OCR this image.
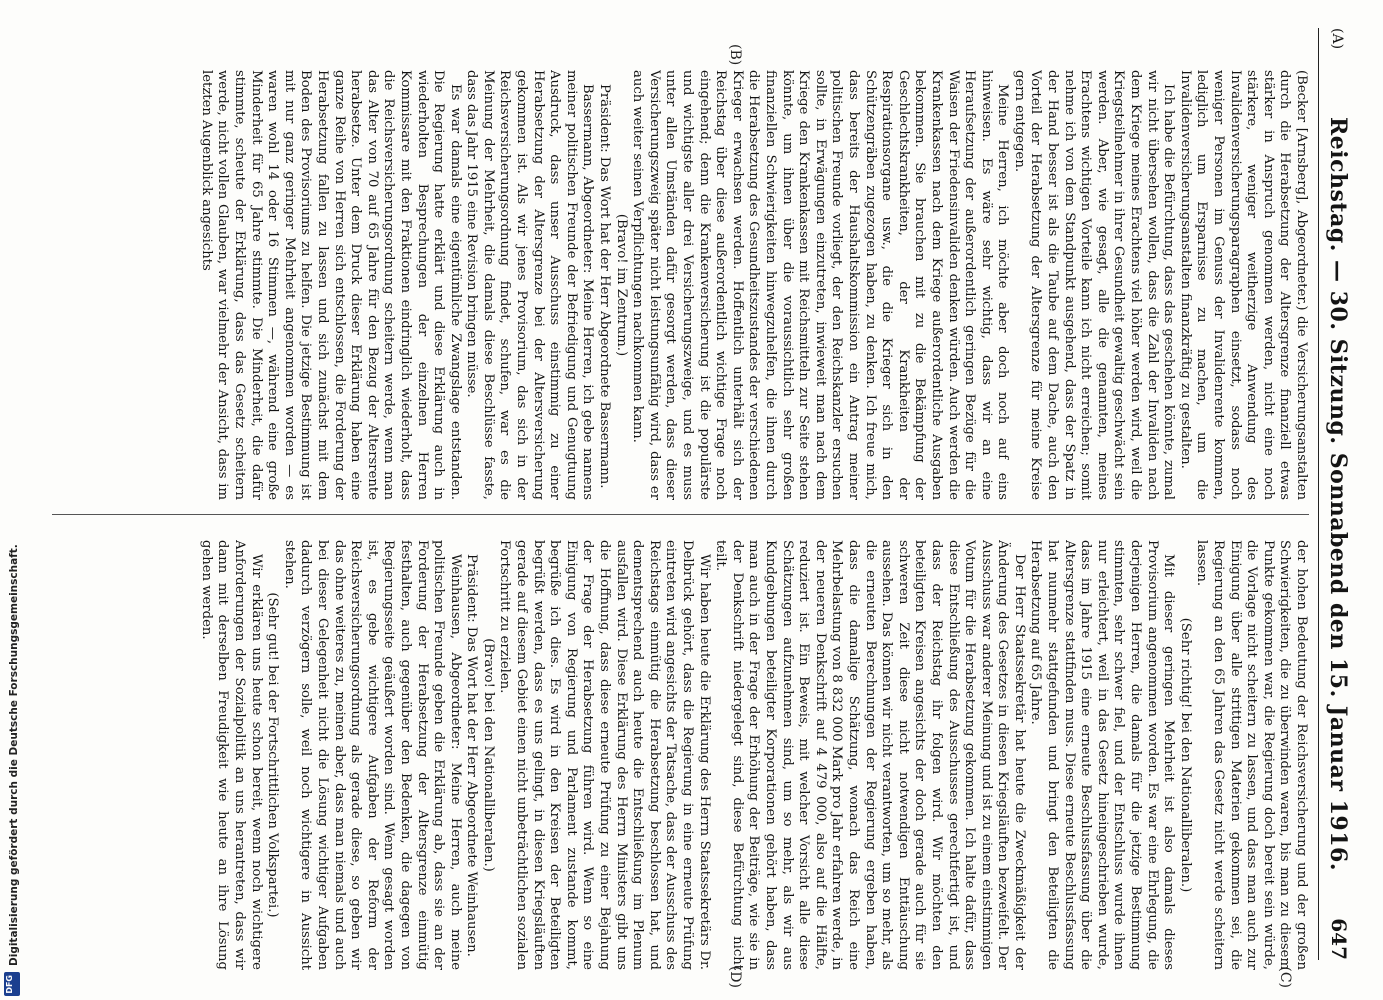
(A)
Reichstag. — 30. Sitzung. Sonnabend den 15. Januar 1916.
647

(Becker [Arnsberg], Abgeordneter.) die Versicherungsanstalten durch die Herabsetzung der Altersgrenze finanziell etwas stärker in Anspruch genommen werden, nicht eine noch stärkere, weniger weitherzige Anwendung des Invalidenversicherungsparagraphen einsetzt, sodass noch weniger Personen im Genuss der Invalidenrente kommen, lediglich um Ersparnisse zu machen, um die Invalidenversicherungsanstalten finanzkräftig zu gestalten.

Ich habe die Befürchtung, dass das geschehen könnte, zumal wir nicht übersehen wollen, dass die Zahl der Invaliden nach dem Kriege meines Erachtens viel höher werden wird, weil die Kriegsteilnehmer in ihrer Gesundheit gewaltig geschwächt sein werden. Aber, wie gesagt, alle die genannten, meines Erachtens wichtigen Vorteile kann ich nicht erreichen; somit nehme ich von dem Standpunkt ausgehend, dass der Spatz in der Hand besser ist als die Taube auf dem Dache, auch den Vorteil der Herabsetzung der Altersgrenze für meine Kreise gern entgegen.

Meine Herren, ich möchte aber doch noch auf eins hinweisen. Es wäre sehr wichtig, dass wir an eine Heraufsetzung der außerordentlich geringen Bezüge für die Waisen der Friedensinvaliden denken würden. Auch werden die Krankenkassen nach dem Kriege außerordentliche Ausgaben bekommen. Sie brauchen mit zu die Bekämpfung der Geschlechtskrankheiten, der Krankheiten der Respirationsorgane usw., die die Krieger sich in den Schützengräben zugezogen haben, zu denken. Ich freue mich, dass bereits der Haushaltskommission ein Antrag meiner politischen Freunde vorliegt, der den Reichskanzler ersuchen sollte, in Erwägungen einzutreten, inwieweit man nach dem Kriege den Krankenkassen mit Reichsmitteln zur Seite stehen könnte, um ihnen über die voraussichtlich sehr großen finanziellen Schwierigkeiten hinwegzuhelfen, die ihnen durch die Herabsetzung des Gesundheitszustandes der verschiedenen Krieger erwachsen werden. Hoffentlich unterhält sich der Reichstag über diese außerordentlich wichtige Frage noch eingehend; denn die Krankenversicherung ist die populärste und wichtigste aller drei Versicherungszweige, und es muss unter allen Umständen dafür gesorgt werden, dass dieser Versicherungszweig später nicht leistungsunfähig wird, dass er auch weiter seinen Verpflichtungen nachkommen kann.

(Bravo! im Zentrum.)

Präsident: Das Wort hat der Herr Abgeordnete Bassermann.

Bassermann, Abgeordneter: Meine Herren, ich gebe namens meiner politischen Freunde der Befriedigung und Genugtuung Ausdruck, dass unser Ausschuss einstimmig zu einer Herabsetzung der Altersgrenze bei der Altersversicherung gekommen ist. Als wir jenes Provisorium, das sich in der Reichsversicherungsordnung findet, schufen, war es die Meinung der Mehrheit, die damals diese Beschlüsse fasste, dass das Jahr 1915 eine Revision bringen müsse.

Es war damals eine eigentümliche Zwangslage entstanden. Die Regierung hatte erklärt und diese Erklärung auch in wiederholten Besprechungen der einzelnen Herren Kommissare mit den Fraktionen eindringlich wiederholt, dass die Reichsversicherungsordnung scheitern werde, wenn man das Alter von 70 auf 65 Jahre für den Bezug der Altersrente herabsetze. Unter dem Druck dieser Erklärung haben eine ganze Reihe von Herren sich entschlossen, die Forderung der Herabsetzung fallen zu lassen und sich zunächst mit dem Boden des Provisoriums zu helfen. Die jetzige Bestimmung ist mit nur ganz geringer Mehrheit angenommen worden — es waren wohl 14 oder 16 Stimmen —, während eine große Minderheit für 65 Jahre stimmte. Die Minderheit, die dafür stimmte, scheute der Erklärung, dass das Gesetz scheitern werde, nicht vollen Glauben, war vielmehr der Ansicht, dass im letzten Augenblick angesichts

der hohen Bedeutung der Reichsversicherung und der großen Schwierigkeiten, die zu überwinden waren, bis man zu diesem Punkte gekommen war, die Regierung doch bereit sein würde, die Vorlage nicht scheitern zu lassen, und dass man auch zur Einigung über alle strittigen Materien gekommen sei, die Regierung an den 65 Jahren das Gesetz nicht werde scheitern lassen.

(Sehr richtig! bei den Nationalliberalen.)

Mit dieser geringen Mehrheit ist also damals dieses Provisorium angenommen worden. Es war eine Ehrlegung, die derjenigen Herren, die damals für die jetzige Bestimmung stimmten, sehr schwer fiel, und der Entschluss wurde ihnen nur erleichtert, weil in das Gesetz hineingeschrieben wurde, dass im Jahre 1915 eine erneute Beschlussfassung über die Altersgrenze stattfinden muss. Diese erneute Beschlussfassung hat nunmehr stattgefunden und bringt den Beteiligten die Herabsetzung auf 65 Jahre.

Der Herr Staatssekretär hat heute die Zweckmäßigkeit der Änderung des Gesetzes in diesen Kriegsläuften bezweifelt. Der Ausschuss war anderer Meinung und ist zu einem einstimmigen Votum für die Herabsetzung gekommen. Ich halte dafür, dass diese Entschließung des Ausschusses gerechtfertigt ist, und dass der Reichstag ihr folgen wird. Wir möchten den beteiligten Kreisen angesichts der doch gerade auch für sie schweren Zeit diese nicht notwendigen Enttäuschung aussehen. Das können wir nicht verantworten, um so mehr, als die erneuten Berechnungen der Regierung ergeben haben, dass die damalige Schätzung, wonach das Reich eine Mehrbelastung von 8 832 000 Mark pro Jahr erfahren werde, in der neueren Denkschrift auf 4 479 000, also auf die Hälfte, reduziert ist. Ein Beweis, mit welcher Vorsicht alle diese Schätzungen aufzunehmen sind, um so mehr, als wir aus Kundgebungen beteiligter Korporationen gehört haben, dass man auch in der Frage der Erhöhung der Beiträge, wie sie in der Denkschrift niedergelegt sind, diese Befürchtung nicht teilt.

Wir haben heute die Erklärung des Herrn Staatssekretärs Dr. Delbrück gehört, dass die Regierung in eine erneute Prüfung eintreten wird angesichts der Tatsache, dass der Ausschuss des Reichstags einmütig die Herabsetzung beschlossen hat, und dementsprechend auch heute die Entschließung im Plenum ausfallen wird. Diese Erklärung des Herrn Ministers gibt uns die Hoffnung, dass diese erneute Prüfung zu einer Bejahung der Frage der Herabsetzung führen wird. Wenn so eine Einigung von Regierung und Parlament zustande kommt, begrüße ich dies. Es wird in den Kreisen der Beteiligten begrüßt werden, dass es uns gelingt, in diesen Kriegsläuften gerade auf diesem Gebiet einen nicht unbeträchtlichen sozialen Fortschritt zu erzielen.

(Bravo! bei den Nationalliberalen.)

Präsident: Das Wort hat der Herr Abgeordnete Weinhausen.

Weinhausen, Abgeordneter: Meine Herren, auch meine politischen Freunde geben die Erklärung ab, dass sie an der Forderung der Herabsetzung der Altersgrenze einmütig festhalten, auch gegenüber den Bedenken, die dagegen von Regierungsseite geäußert worden sind. Wenn gesagt worden ist, es gebe wichtigere Aufgaben der Reform der Reichsversicherungsordnung als gerade diese, so geben wir das ohne weiteres zu, meinen aber, dass man niemals und auch bei dieser Gelegenheit nicht die Lösung wichtiger Aufgaben dadurch verzögern solle, weil noch wichtigere in Aussicht stehen.

(Sehr gut! bei der Fortschrittlichen Volkspartei.)

Wir erklären uns heute schon bereit, wenn noch wichtigere Anforderungen der Sozialpolitik an uns herantreten, dass wir dann mit derselben Freudigkeit wie heute an ihre Lösung gehen werden.

(B)
(C)
(D)
Digitalisierung gefördert durch die Deutsche Forschungsgemeinschaft.
DFG
